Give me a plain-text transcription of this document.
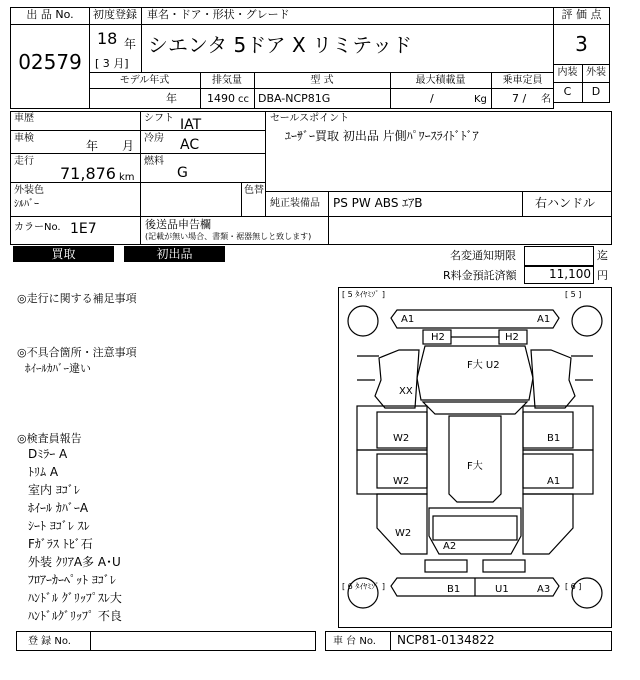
出 品 No.
02579
初度登録 車名・ドア・形状・グレード
18 年
[ 3 月]
シエンタ 5ドア X リミテッド
評 価 点
3
内装 外装
C	D
モデル年式	排気量	型 式	最大積載量	乗車定員
年	1490 cc DBA-NCP81G	/	Kg 7 / 名
車歴
車検
年 月
走行
71,876 km
シフト IAT
冷房 AC
燃料
G
セールスポイント
ﾕｰｻﾞｰ買取 初出品 片側ﾊﾟﾜｰｽﾗｲﾄﾞﾄﾞｱ
外装色
ｼﾙﾊﾞｰ
色替
純正装備品 PS PW ABS ｴｱB	右ハンドル
カラーNo. 1E7	後送品申告欄
(記載が無い場合、書類・裾器無しと致します)
買取	初出品	名変通知期限	迄
R料金預託済額	11,100 円
◎走行に関する補足事項
◎不具合箇所・注意事項
ﾎｲｰﾙｶﾊﾞｰ違い
◎検査員報告
Dﾐﾗｰ A
ﾄﾘﾑ A
室内 ﾖｺﾞﾚ
ﾎｲｰﾙ ｶﾊﾞｰA
ｼｰﾄ ﾖｺﾞﾚ ｽﾚ
Fｶﾞﾗｽ ﾄﾋﾞ石
外装 ｸﾘｱA多 A･U
ﾌﾛｱｰｶｰﾍﾟｯﾄ ﾖｺﾞﾚ
ﾊﾝﾄﾞﾙ ｸﾞﾘｯﾌﾟｽﾚ大
ﾊﾝﾄﾞﾙｸﾞﾘｯﾌﾟ 不良
[ 5 ﾀｲﾔﾐｿﾞ ]	[ 5 ]
[ 6 ﾀｲﾔﾐｿﾞ ]	[ 6 ]
A1	A1
H2	H2
F大 U2
XX
W2	B1
F大
W2	A1
W2
A2
B1	U1	A3
登 録 No.	車 台 No. NCP81-0134822
